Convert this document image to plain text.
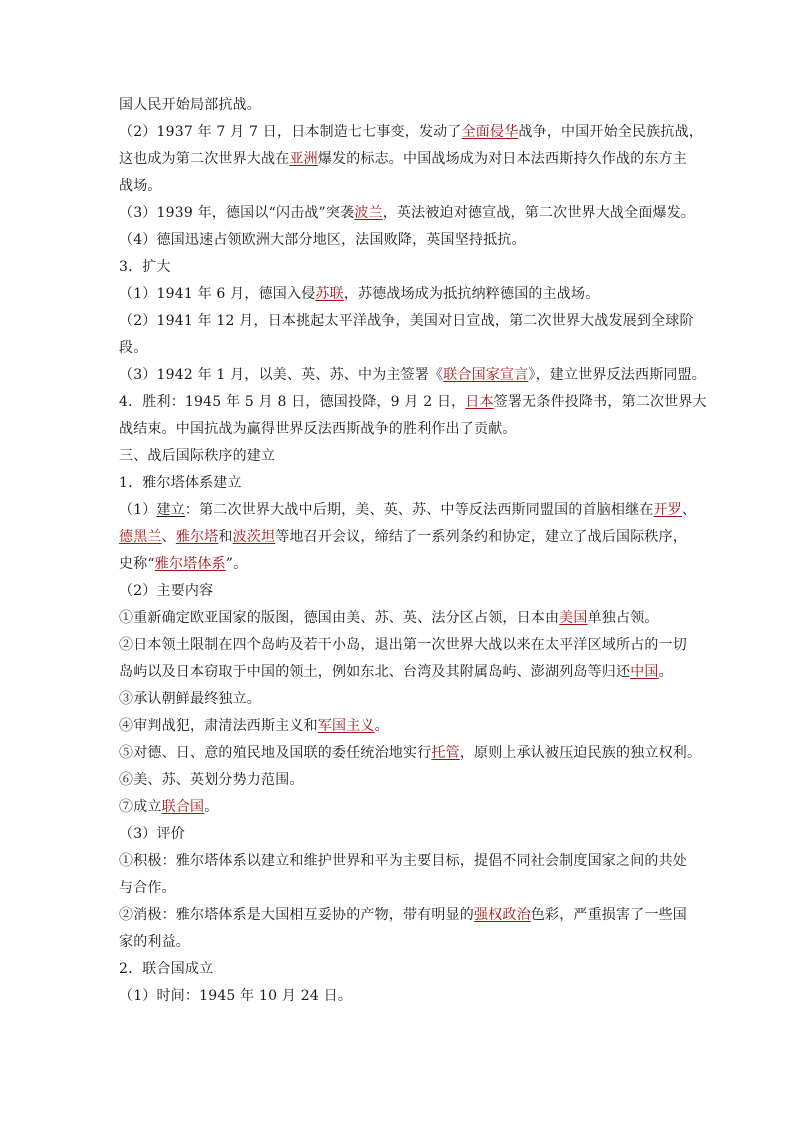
国人民开始局部抗战。
（2）1937 年 7 月 7 日，日本制造七七事变，发动了全面侵华战争，中国开始全民族抗战，
这也成为第二次世界大战在亚洲爆发的标志。中国战场成为对日本法西斯持久作战的东方主
战场。
（3）1939 年，德国以“闪击战”突袭波兰，英法被迫对德宣战，第二次世界大战全面爆发。
（4）德国迅速占领欧洲大部分地区，法国败降，英国坚持抵抗。
3．扩大
（1）1941 年 6 月，德国入侵苏联，苏德战场成为抵抗纳粹德国的主战场。
（2）1941 年 12 月，日本挑起太平洋战争，美国对日宣战，第二次世界大战发展到全球阶
段。
（3）1942 年 1 月，以美、英、苏、中为主签署《联合国家宣言》，建立世界反法西斯同盟。
4．胜利：1945 年 5 月 8 日，德国投降，9 月 2 日，日本签署无条件投降书，第二次世界大
战结束。中国抗战为赢得世界反法西斯战争的胜利作出了贡献。
三、战后国际秩序的建立
1．雅尔塔体系建立
（1）建立：第二次世界大战中后期，美、英、苏、中等反法西斯同盟国的首脑相继在开罗、
德黑兰、雅尔塔和波茨坦等地召开会议，缔结了一系列条约和协定，建立了战后国际秩序，
史称“雅尔塔体系”。
（2）主要内容
①重新确定欧亚国家的版图，德国由美、苏、英、法分区占领，日本由美国单独占领。
②日本领土限制在四个岛屿及若干小岛，退出第一次世界大战以来在太平洋区域所占的一切
岛屿以及日本窃取于中国的领土，例如东北、台湾及其附属岛屿、澎湖列岛等归还中国。
③承认朝鲜最终独立。
④审判战犯，肃清法西斯主义和军国主义。
⑤对德、日、意的殖民地及国联的委任统治地实行托管，原则上承认被压迫民族的独立权利。
⑥美、苏、英划分势力范围。
⑦成立联合国。
（3）评价
①积极：雅尔塔体系以建立和维护世界和平为主要目标，提倡不同社会制度国家之间的共处
与合作。
②消极：雅尔塔体系是大国相互妥协的产物，带有明显的强权政治色彩，严重损害了一些国
家的利益。
2．联合国成立
（1）时间：1945 年 10 月 24 日。
